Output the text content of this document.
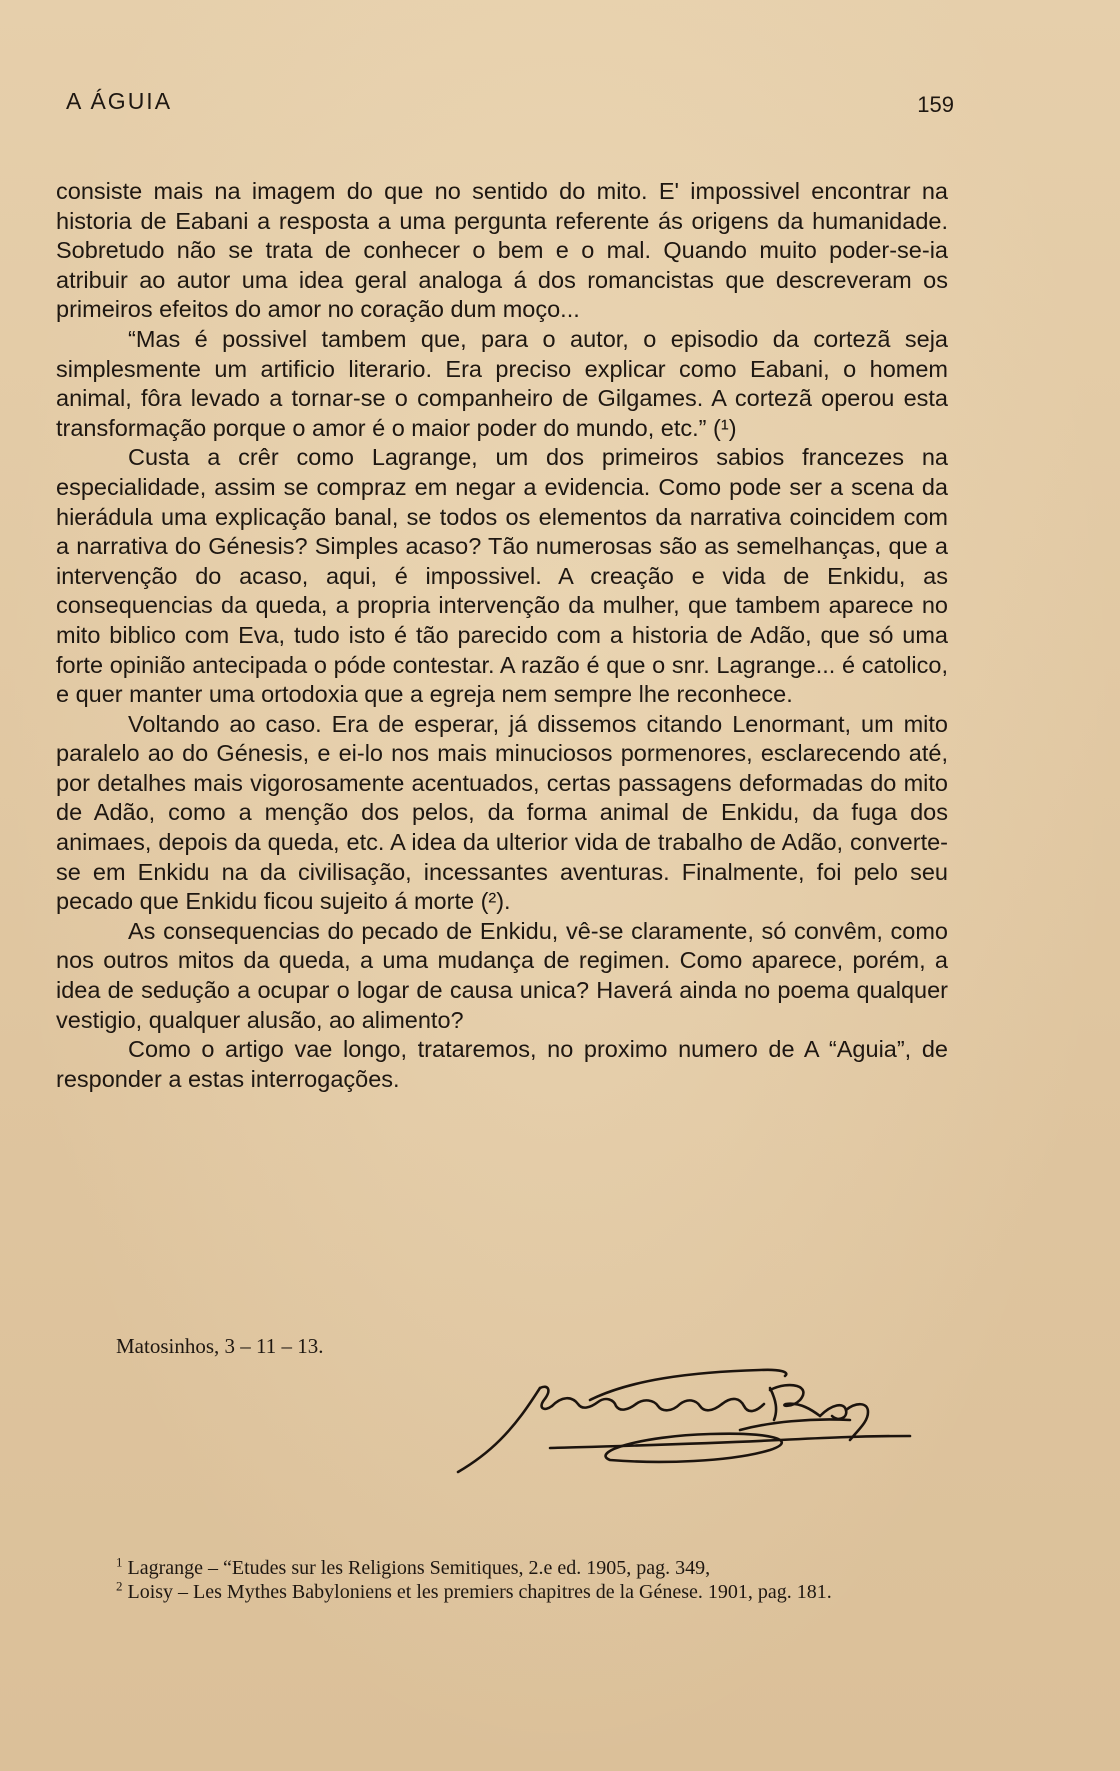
A ÁGUIA	159

consiste mais na imagem do que no sentido do mito. E' impossivel encontrar na historia de Eabani a resposta a uma pergunta referente ás origens da humanidade. Sobretudo não se trata de conhecer o bem e o mal. Quando muito poder-se-ia atribuir ao autor uma idea geral analoga á dos romancistas que descreveram os primeiros efeitos do amor no coração dum moço...

“Mas é possivel tambem que, para o autor, o episodio da cortezã seja simplesmente um artificio literario. Era preciso explicar como Eabani, o homem animal, fôra levado a tornar-se o companheiro de Gilgames. A cortezã operou esta transformação porque o amor é o maior poder do mundo, etc.” (¹)

Custa a crêr como Lagrange, um dos primeiros sabios francezes na especialidade, assim se compraz em negar a evidencia. Como pode ser a scena da hierádula uma explicação banal, se todos os elementos da narrativa coincidem com a narrativa do Génesis? Simples acaso? Tão numerosas são as semelhanças, que a intervenção do acaso, aqui, é impossivel. A creação e vida de Enkidu, as consequencias da queda, a propria intervenção da mulher, que tambem aparece no mito biblico com Eva, tudo isto é tão parecido com a historia de Adão, que só uma forte opinião antecipada o póde contestar. A razão é que o snr. Lagrange... é catolico, e quer manter uma ortodoxia que a egreja nem sempre lhe reconhece.

Voltando ao caso. Era de esperar, já dissemos citando Lenormant, um mito paralelo ao do Génesis, e ei-lo nos mais minuciosos pormenores, esclarecendo até, por detalhes mais vigorosamente acentuados, certas passagens deformadas do mito de Adão, como a menção dos pelos, da forma animal de Enkidu, da fuga dos animaes, depois da queda, etc. A idea da ulterior vida de trabalho de Adão, converte-se em Enkidu na da civilisação, incessantes aventuras. Finalmente, foi pelo seu pecado que Enkidu ficou sujeito á morte (²).

As consequencias do pecado de Enkidu, vê-se claramente, só convêm, como nos outros mitos da queda, a uma mudança de regimen. Como aparece, porém, a idea de sedução a ocupar o logar de causa unica? Haverá ainda no poema qualquer vestigio, qualquer alusão, ao alimento?

Como o artigo vae longo, trataremos, no proximo numero de A “Aguia”, de responder a estas interrogações.

Matosinhos, 3 – 11 – 13.

$^1$ Lagrange – “Etudes sur les Religions Semitiques, 2.e ed. 1905, pag. 349,

$^2$ Loisy – Les Mythes Babyloniens et les premiers chapitres de la Génese. 1901, pag. 181.
